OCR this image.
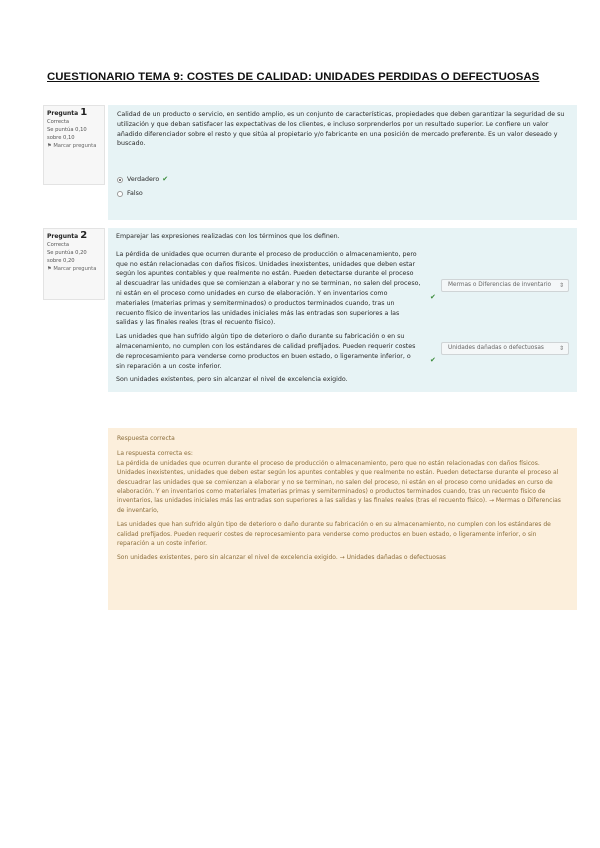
CUESTIONARIO TEMA 9: COSTES DE CALIDAD: UNIDADES PERDIDAS O DEFECTUOSAS
Pregunta 1
Correcta
Se puntúa 0,10 sobre 0,10
⚑ Marcar pregunta

Calidad de un producto o servicio, en sentido amplio, es un conjunto de características, propiedades que deben garantizar la seguridad de su utilización y que deban satisfacer las expectativas de los clientes, e incluso sorprenderlos por un resultado superior. Le confiere un valor añadido diferenciador sobre el resto y que sitúa al propietario y/o fabricante en una posición de mercado preferente. Es un valor deseado y buscado.

Verdadero ✔
Falso
Pregunta 2
Correcta
Se puntúa 0,20 sobre 0,20
⚑ Marcar pregunta

Emparejar las expresiones realizadas con los términos que los definen.

La pérdida de unidades que ocurren durante el proceso de producción o almacenamiento, pero que no están relacionadas con daños físicos. Unidades inexistentes, unidades que deben estar según los apuntes contables y que realmente no están. Pueden detectarse durante el proceso al descuadrar las unidades que se comienzan a elaborar y no se terminan, no salen del proceso, ni están en el proceso como unidades en curso de elaboración. Y en inventarios como materiales (materias primas y semiterminados) o productos terminados cuando, tras un recuento físico de inventarios las unidades iniciales más las entradas son superiores a las salidas y las finales reales (tras el recuento físico).

Mermas o Diferencias de inventario ⇕
✔

Las unidades que han sufrido algún tipo de deterioro o daño durante su fabricación o en su almacenamiento, no cumplen con los estándares de calidad prefijados. Pueden requerir costes de reprocesamiento para venderse como productos en buen estado, o ligeramente inferior, o sin reparación a un coste inferior.

Unidades dañadas o defectuosas	⇕
✔

Son unidades existentes, pero sin alcanzar el nivel de excelencia exigido.

Respuesta correcta

La respuesta correcta es:

La pérdida de unidades que ocurren durante el proceso de producción o almacenamiento, pero que no están relacionadas con daños físicos. Unidades inexistentes, unidades que deben estar según los apuntes contables y que realmente no están. Pueden detectarse durante el proceso al descuadrar las unidades que se comienzan a elaborar y no se terminan, no salen del proceso, ni están en el proceso como unidades en curso de elaboración. Y en inventarios como materiales (materias primas y semiterminados) o productos terminados cuando, tras un recuento físico de inventarios, las unidades iniciales más las entradas son superiores a las salidas y las finales reales (tras el recuento físico). → Mermas o Diferencias de inventario,

Las unidades que han sufrido algún tipo de deterioro o daño durante su fabricación o en su almacenamiento, no cumplen con los estándares de calidad prefijados. Pueden requerir costes de reprocesamiento para venderse como productos en buen estado, o ligeramente inferior, o sin reparación a un coste inferior.

Son unidades existentes, pero sin alcanzar el nivel de excelencia exigido. → Unidades dañadas o defectuosas
